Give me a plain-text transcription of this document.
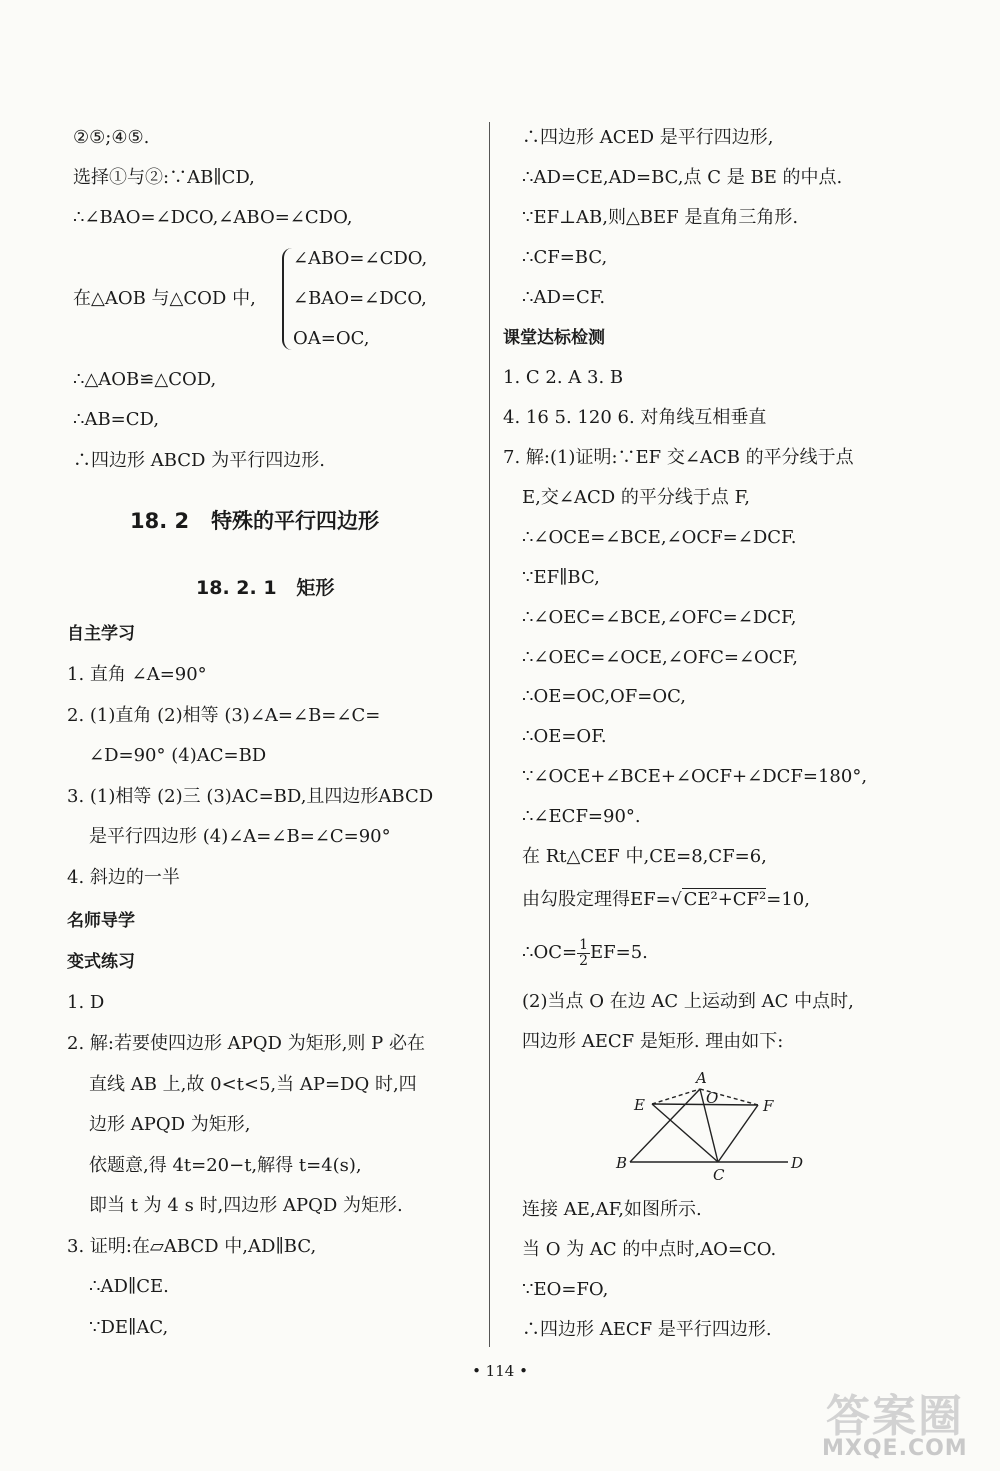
②⑤;④⑤.
选择①与②:∵AB∥CD,
∴∠BAO=∠DCO,∠ABO=∠CDO,
在△AOB 与△COD 中,
∠ABO=∠CDO,
∠BAO=∠DCO,
OA=OC,
∴△AOB≌△COD,
∴AB=CD,
∴四边形 ABCD 为平行四边形.
18. 2 特殊的平行四边形
18. 2. 1 矩形
自主学习
1. 直角 ∠A=90°
2. (1)直角 (2)相等 (3)∠A=∠B=∠C=
∠D=90° (4)AC=BD
3. (1)相等 (2)三 (3)AC=BD,且四边形ABCD
是平行四边形 (4)∠A=∠B=∠C=90°
4. 斜边的一半
名师导学
变式练习
1. D
2. 解:若要使四边形 APQD 为矩形,则 P 必在
直线 AB 上,故 0<t<5,当 AP=DQ 时,四
边形 APQD 为矩形,
依题意,得 4t=20−t,解得 t=4(s),
即当 t 为 4 s 时,四边形 APQD 为矩形.
3. 证明:在▱ABCD 中,AD∥BC,
∴AD∥CE.
∵DE∥AC,
∴四边形 ACED 是平行四边形,
∴AD=CE,AD=BC,点 C 是 BE 的中点.
∵EF⊥AB,则△BEF 是直角三角形.
∴CF=BC,
∴AD=CF.
课堂达标检测
1. C 2. A 3. B
4. 16 5. 120 6. 对角线互相垂直
7. 解:(1)证明:∵EF 交∠ACB 的平分线于点
E,交∠ACD 的平分线于点 F,
∴∠OCE=∠BCE,∠OCF=∠DCF.
∵EF∥BC,
∴∠OEC=∠BCE,∠OFC=∠DCF,
∴∠OEC=∠OCE,∠OFC=∠OCF,
∴OE=OC,OF=OC,
∴OE=OF.
∵∠OCE+∠BCE+∠OCF+∠DCF=180°,
∴∠ECF=90°.
在 Rt△CEF 中,CE=8,CF=6,
由勾股定理得EF=√ CE²+CF²=10,
∴OC= $\frac{1}{2} EF=5$.
(2)当点 O 在边 AC 上运动到 AC 中点时,
四边形 AECF 是矩形. 理由如下:
A
O
E	F
B
C
D
连接 AE,AF,如图所示.
当 O 为 AC 的中点时,AO=CO.
∵EO=FO,
∴四边形 AECF 是平行四边形.
• 114 •
答案圈
MXQE.COM
